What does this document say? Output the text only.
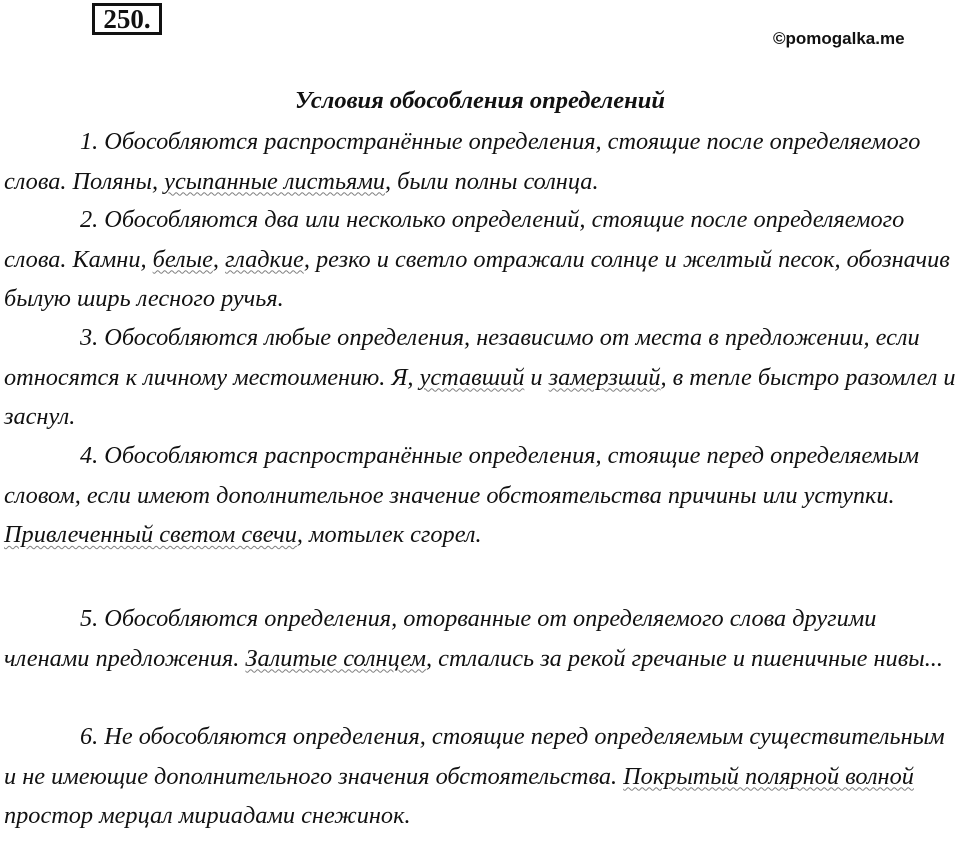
250.
©pomogalka.me
Условия обособления определений

1. Обособляются распространённые определения, стоящие после определяемого слова. Поляны, усыпанные листьями, были полны солнца.

2. Обособляются два или несколько определений, стоящие после определяемого слова. Камни, белые, гладкие, резко и светло отражали солнце и желтый песок, обозначив былую ширь лесного ручья.

3. Обособляются любые определения, независимо от места в предложении, если относятся к личному местоимению. Я, уставший и замерзший, в тепле быстро разомлел и заснул.

4. Обособляются распространённые определения, стоящие перед определяемым словом, если имеют дополнительное значение обстоятельства причины или уступки. Привлеченный светом свечи, мотылек сгорел.

5. Обособляются определения, оторванные от определяемого слова другими членами предложения. Залитые солнцем, стлались за рекой гречаные и пшеничные нивы...

6. Не обособляются определения, стоящие перед определяемым существительным и не имеющие дополнительного значения обстоятельства. Покрытый полярной волной простор мерцал мириадами снежинок.
